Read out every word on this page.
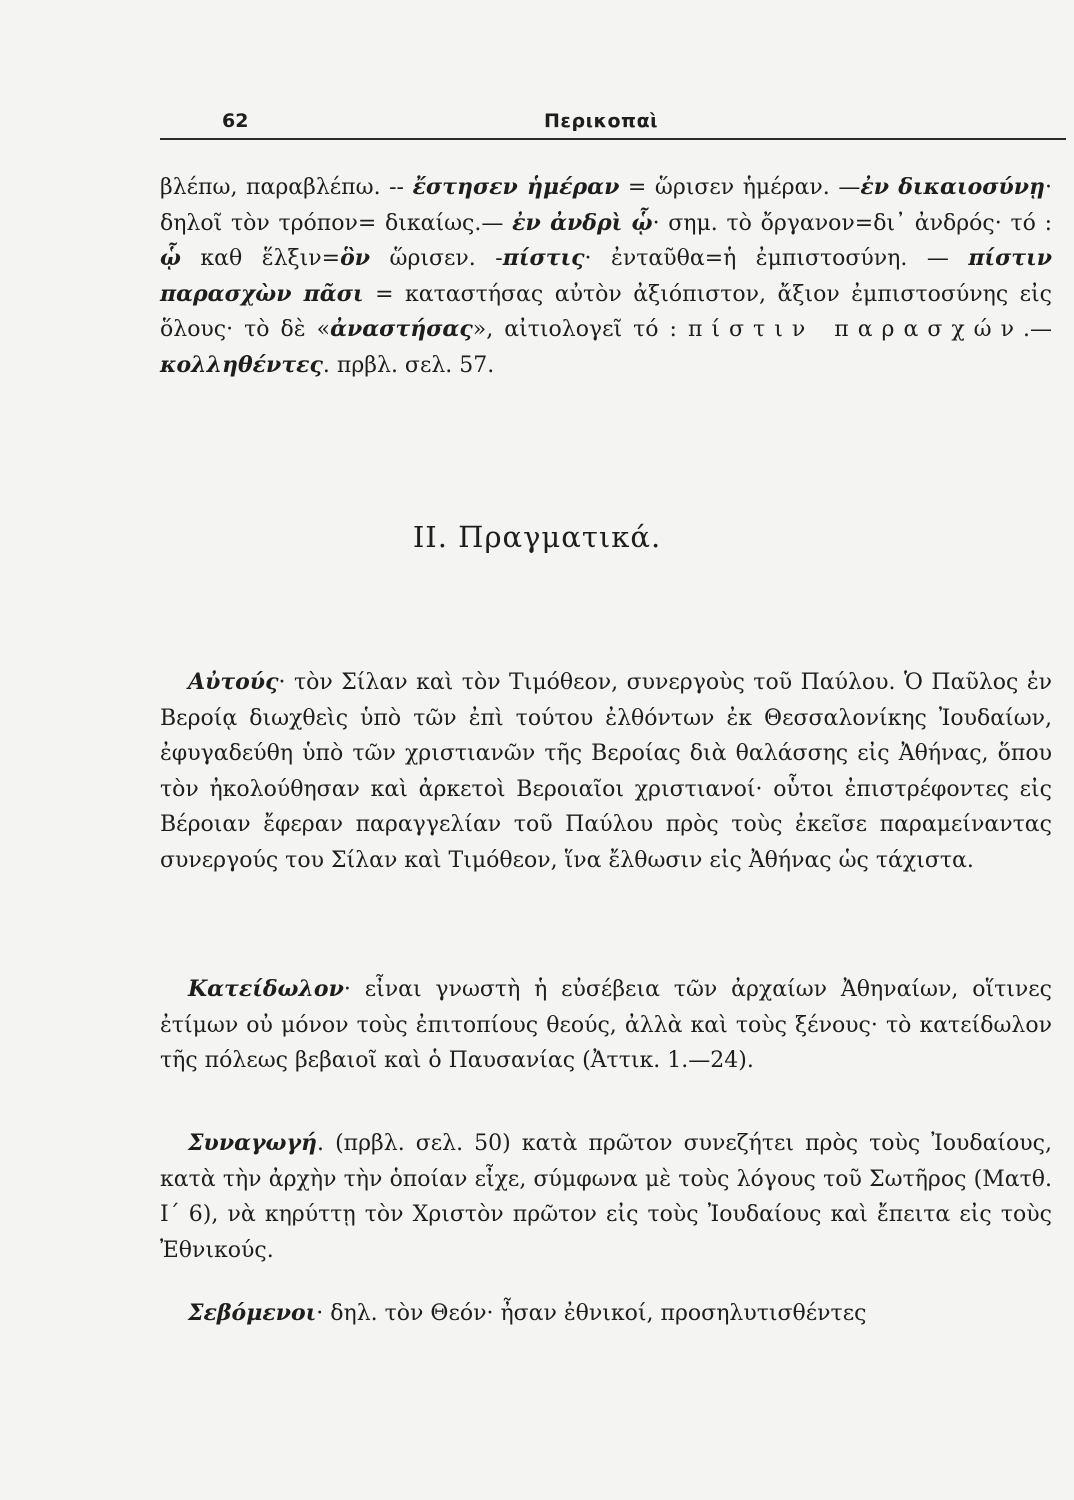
62	Περικοπαὶ

βλέπω, παραβλέπω. -- ἔστησεν ἡμέραν = ὥρισεν ἡμέραν. —ἐν δικαιοσύνῃ· δηλοῖ τὸν τρόπον= δικαίως.— ἐν ἀνδρὶ ᾧ· σημ. τὸ ὄργανον=δι᾿ ἀνδρός· τό : ᾧ καθ ἕλξιν=ὃν ὥρισεν. -πίστις· ἐνταῦθα=ἡ ἐμπιστοσύνη. — πίστιν παρασχὼν πᾶσι = καταστήσας αὐτὸν ἀξιόπιστον, ἄξιον ἐμπιστοσύνης εἰς ὅλους· τὸ δὲ «ἀναστήσας», αἰτιολογεῖ τό : πίστιν παρασχών.— κολληθέντες. πρβλ. σελ. 57.

ΙΙ. Πραγματικά.

Αὐτούς· τὸν Σίλαν καὶ τὸν Τιμόθεον, συνεργοὺς τοῦ Παύλου. Ὁ Παῦλος ἐν Βεροίᾳ διωχθεὶς ὑπὸ τῶν ἐπὶ τούτου ἐλθόντων ἐκ Θεσσαλονίκης Ἰουδαίων, ἐφυγαδεύθη ὑπὸ τῶν χριστιανῶν τῆς Βεροίας διὰ θαλάσσης εἰς Ἀθήνας, ὅπου τὸν ἠκολούθησαν καὶ ἀρκετοὶ Βεροιαῖοι χριστιανοί· οὗτοι ἐπιστρέφοντες εἰς Βέροιαν ἔφεραν παραγγελίαν τοῦ Παύλου πρὸς τοὺς ἐκεῖσε παραμείναντας συνεργούς του Σίλαν καὶ Τιμόθεον, ἵνα ἔλθωσιν εἰς Ἀθήνας ὡς τάχιστα.

Κατείδωλον· εἶναι γνωστὴ ἡ εὐσέβεια τῶν ἀρχαίων Ἀθηναίων, οἵτινες ἐτίμων οὐ μόνον τοὺς ἐπιτοπίους θεούς, ἀλλὰ καὶ τοὺς ξένους· τὸ κατείδωλον τῆς πόλεως βεβαιοῖ καὶ ὁ Παυσανίας (Ἀττικ. 1.—24).

Συναγωγή. (πρβλ. σελ. 50) κατὰ πρῶτον συνεζήτει πρὸς τοὺς Ἰουδαίους, κατὰ τὴν ἀρχὴν τὴν ὁποίαν εἶχε, σύμφωνα μὲ τοὺς λόγους τοῦ Σωτῆρος (Ματθ. Ι΄ 6), νὰ κηρύττῃ τὸν Χριστὸν πρῶτον εἰς τοὺς Ἰουδαίους καὶ ἔπειτα εἰς τοὺς Ἐθνικούς.

Σεβόμενοι· δηλ. τὸν Θεόν· ἦσαν ἐθνικοί, προσηλυτισθέντες
